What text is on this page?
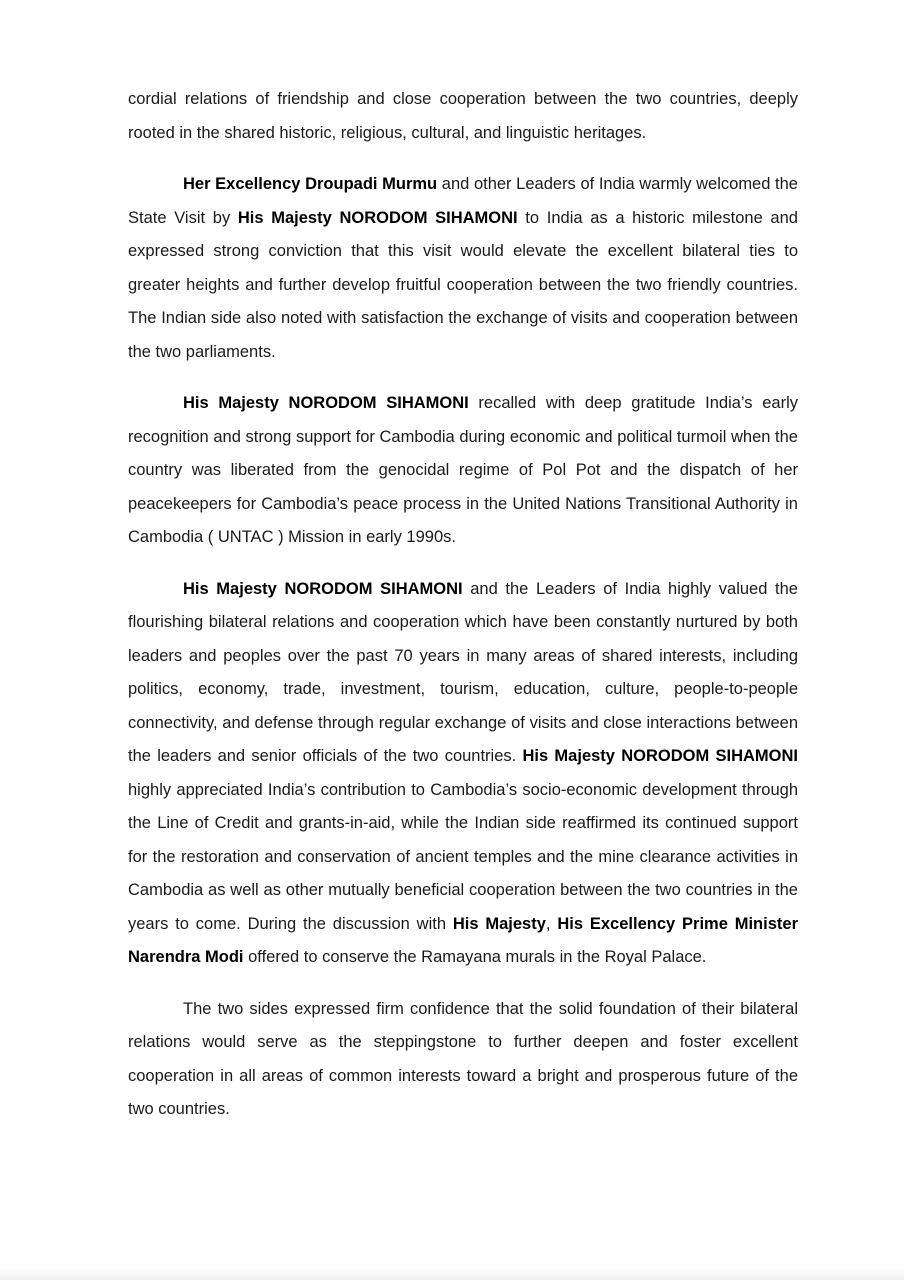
cordial relations of friendship and close cooperation between the two countries, deeply rooted in the shared historic, religious, cultural, and linguistic heritages.

Her Excellency Droupadi Murmu and other Leaders of India warmly welcomed the State Visit by His Majesty NORODOM SIHAMONI to India as a historic milestone and expressed strong conviction that this visit would elevate the excellent bilateral ties to greater heights and further develop fruitful cooperation between the two friendly countries. The Indian side also noted with satisfaction the exchange of visits and cooperation between the two parliaments.

His Majesty NORODOM SIHAMONI recalled with deep gratitude India’s early recognition and strong support for Cambodia during economic and political turmoil when the country was liberated from the genocidal regime of Pol Pot and the dispatch of her peacekeepers for Cambodia’s peace process in the United Nations Transitional Authority in Cambodia ( UNTAC ) Mission in early 1990s.

His Majesty NORODOM SIHAMONI and the Leaders of India highly valued the flourishing bilateral relations and cooperation which have been constantly nurtured by both leaders and peoples over the past 70 years in many areas of shared interests, including politics, economy, trade, investment, tourism, education, culture, people-to-people connectivity, and defense through regular exchange of visits and close interactions between the leaders and senior officials of the two countries. His Majesty NORODOM SIHAMONI highly appreciated India’s contribution to Cambodia’s socio-economic development through the Line of Credit and grants-in-aid, while the Indian side reaffirmed its continued support for the restoration and conservation of ancient temples and the mine clearance activities in Cambodia as well as other mutually beneficial cooperation between the two countries in the years to come. During the discussion with His Majesty, His Excellency Prime Minister Narendra Modi offered to conserve the Ramayana murals in the Royal Palace.

The two sides expressed firm confidence that the solid foundation of their bilateral relations would serve as the steppingstone to further deepen and foster excellent cooperation in all areas of common interests toward a bright and prosperous future of the two countries.
